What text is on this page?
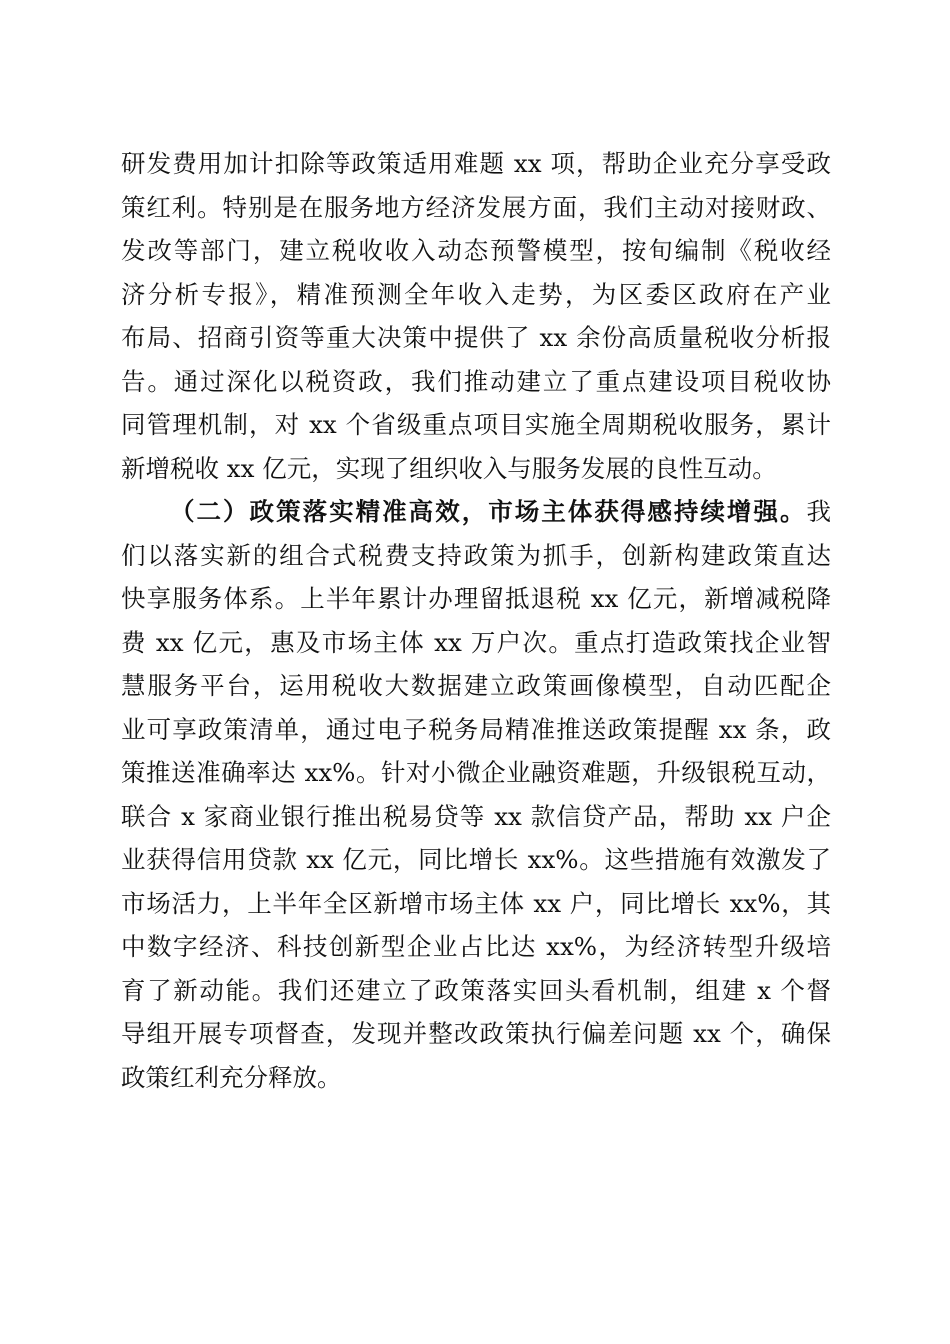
研发费用加计扣除等政策适用难题 xx 项，帮助企业充分享受政
策红利。特别是在服务地方经济发展方面，我们主动对接财政、
发改等部门，建立税收收入动态预警模型，按旬编制《税收经
济分析专报》，精准预测全年收入走势，为区委区政府在产业
布局、招商引资等重大决策中提供了 xx 余份高质量税收分析报
告。通过深化以税资政，我们推动建立了重点建设项目税收协
同管理机制，对 xx 个省级重点项目实施全周期税收服务，累计
新增税收 xx 亿元，实现了组织收入与服务发展的良性互动。
（二）政策落实精准高效，市场主体获得感持续增强。我
们以落实新的组合式税费支持政策为抓手，创新构建政策直达
快享服务体系。上半年累计办理留抵退税 xx 亿元，新增减税降
费 xx 亿元，惠及市场主体 xx 万户次。重点打造政策找企业智
慧服务平台，运用税收大数据建立政策画像模型，自动匹配企
业可享政策清单，通过电子税务局精准推送政策提醒 xx 条，政
策推送准确率达 xx%。针对小微企业融资难题，升级银税互动，
联合 x 家商业银行推出税易贷等 xx 款信贷产品，帮助 xx 户企
业获得信用贷款 xx 亿元，同比增长 xx%。这些措施有效激发了
市场活力，上半年全区新增市场主体 xx 户，同比增长 xx%，其
中数字经济、科技创新型企业占比达 xx%，为经济转型升级培
育了新动能。我们还建立了政策落实回头看机制，组建 x 个督
导组开展专项督查，发现并整改政策执行偏差问题 xx 个，确保
政策红利充分释放。
